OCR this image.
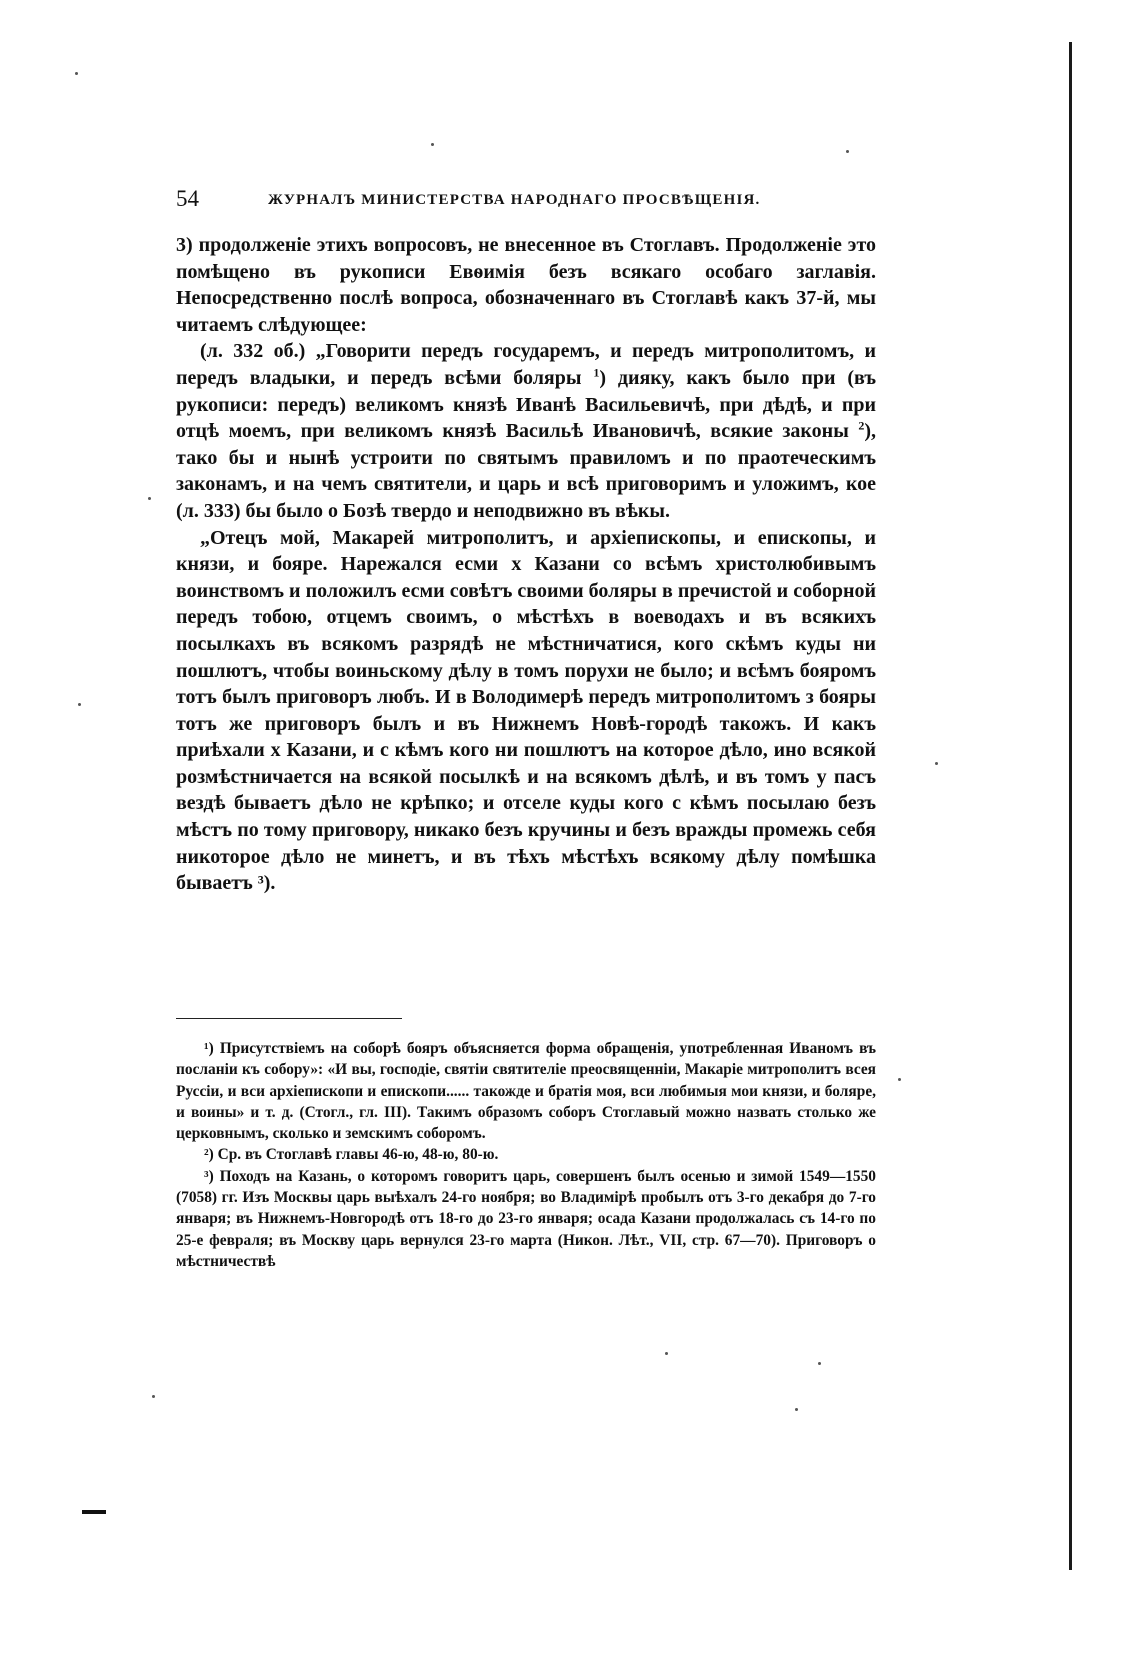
54	ЖУРНАЛЪ МИНИСТЕРСТВА НАРОДНАГО ПРОСВѢЩЕНІЯ.

3) продолженіе этихъ вопросовъ, не внесенное въ Стоглавъ. Продолженіе это помѣщено въ рукописи Евѳимія безъ всякаго особаго заглавія. Непосредственно послѣ вопроса, обозначеннаго въ Стоглавѣ какъ 37-й, мы читаемъ слѣдующее:

(л. 332 об.) „Говорити передъ государемъ, и передъ митрополитомъ, и передъ владыки, и передъ всѣми боляры $^1$) дияку, какъ было при (въ рукописи: передъ) великомъ князѣ Иванѣ Васильевичѣ, при дѣдѣ, и при отцѣ моемъ, при великомъ князѣ Васильѣ Ивановичѣ, всякие законы $^2$), тако бы и нынѣ устроити по святымъ правиломъ и по праотеческимъ законамъ, и на чемъ святители, и царь и всѣ приговоримъ и уложимъ, кое (л. 333) бы было о Бозѣ твердо и неподвижно въ вѣкы.

„Отецъ мой, Макарей митрополитъ, и архіепископы, и епископы, и князи, и бояре. Нарежался есми х Казани со всѣмъ христолюбивымъ воинствомъ и положилъ есми совѣтъ своими боляры в пречистой и соборной передъ тобою, отцемъ своимъ, о мѣстѣхъ в воеводахъ и въ всякихъ посылкахъ въ всякомъ разрядѣ не мѣстничатися, кого скѣмъ куды ни пошлютъ, чтобы воиньскому дѣлу в томъ порухи не было; и всѣмъ бояромъ тотъ былъ приговоръ любъ. И в Володимерѣ передъ митрополитомъ з бояры тотъ же приговоръ былъ и въ Нижнемъ Новѣ-городѣ такожъ. И какъ приѣхали х Казани, и с кѣмъ кого ни пошлютъ на которое дѣло, ино всякой розмѣстничается на всякой посылкѣ и на всякомъ дѣлѣ, и въ томъ у пасъ вездѣ бываетъ дѣло не крѣпко; и отселе куды кого с кѣмъ посылаю безъ мѣстъ по тому приговору, никако безъ кручины и безъ вражды промежь себя никоторое дѣло не минетъ, и въ тѣхъ мѣстѣхъ всякому дѣлу помѣшка бываетъ ³).

¹) Присутствіемъ на соборѣ бояръ объясняется форма обращенія, употребленная Иваномъ въ посланіи къ собору»: «И вы, господіе, святіи святителіе преосвященніи, Макаріе митрополитъ всея Руссіи, и вси архіепископи и епископи...... такожде и братія моя, вси любимыя мои князи, и боляре, и воины» и т. д. (Стогл., гл. III). Такимъ образомъ соборъ Стоглавый можно назвать столько же церковнымъ, сколько и земскимъ соборомъ.

²) Ср. въ Стоглавѣ главы 46-ю, 48-ю, 80-ю.

³) Походъ на Казань, о которомъ говоритъ царь, совершенъ былъ осенью и зимой 1549—1550 (7058) гг. Изъ Москвы царь выѣхалъ 24-го ноября; во Владимірѣ пробылъ отъ 3-го декабря до 7-го января; въ Нижнемъ-Новгородѣ отъ 18-го до 23-го января; осада Казани продолжалась съ 14-го по 25-е февраля; въ Москву царь вернулся 23-го марта (Никон. Лѣт., VII, стр. 67—70). Приговоръ о мѣстничествѣ
